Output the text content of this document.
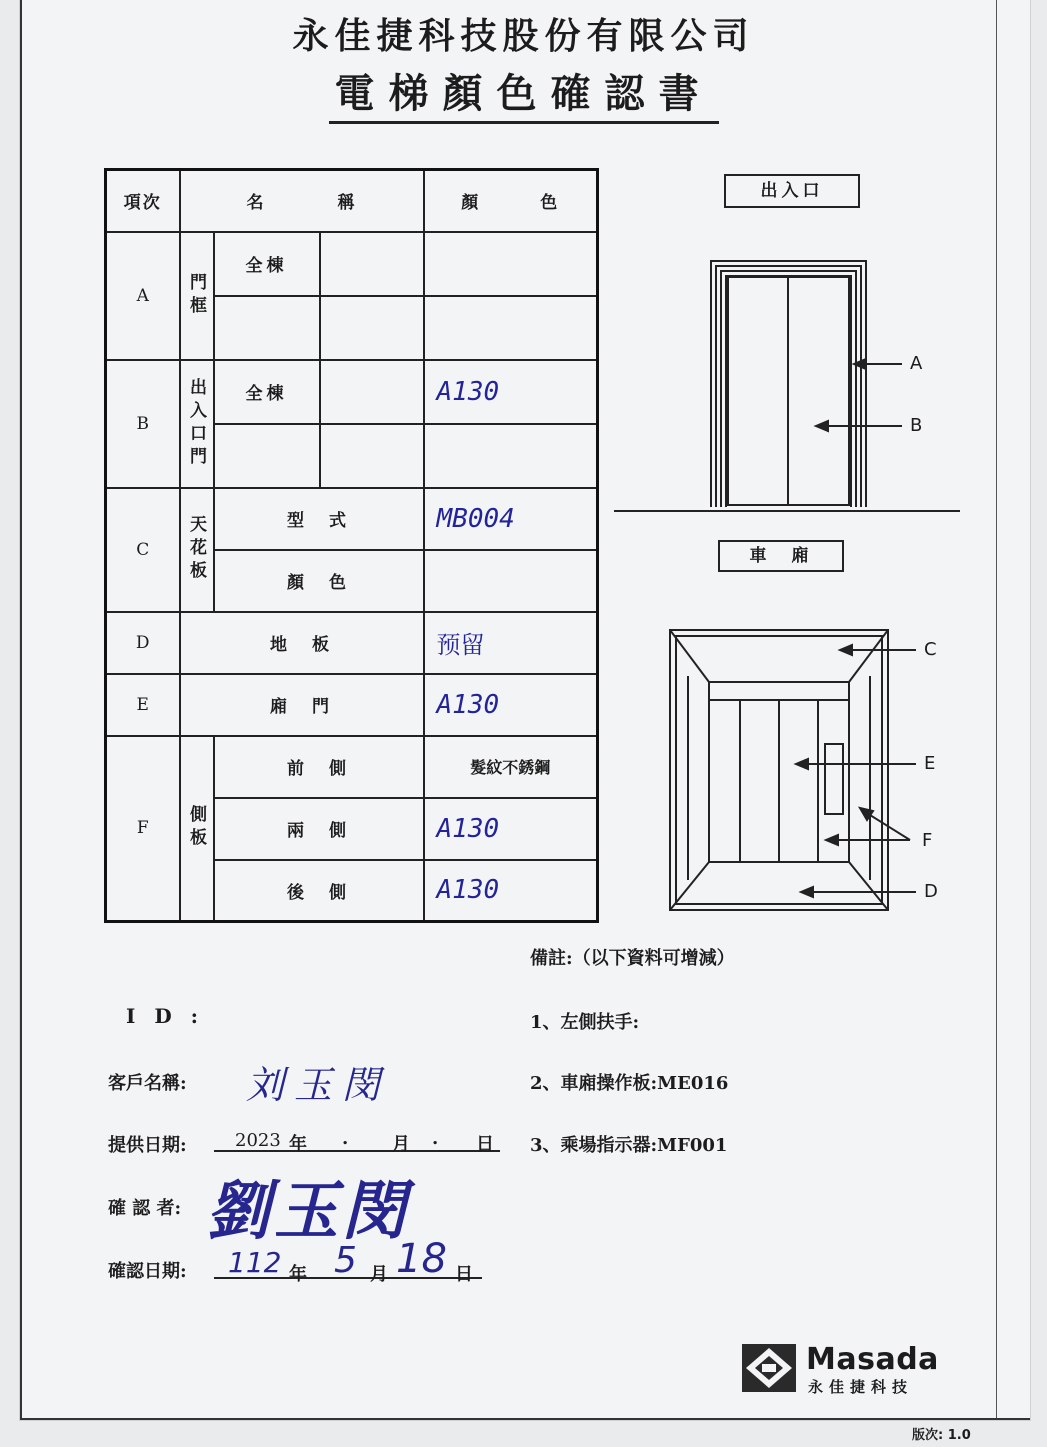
永佳捷科技股份有限公司
電梯顏色確認書
項次	名 稱			顏 色
A	門框	全棟		

B	出入口門	全棟		A130

C	天花板	型　式		MB004
		顏　色		
D	地　板			预留
E	廂　門			A130
F	側板	前　側		髮紋不銹鋼
		兩　側		A130
		後　側		A130
出入口
A
B
車　廂
C
E
F
D
備註:（以下資料可增減）
1、左側扶手:
2、車廂操作板:ME016
3、乘場指示器:MF001
I D :
客戶名稱: 刘玉閔
提供日期:	2023 年 . 月 . 日
確 認 者: 劉玉閔
確認日期: 112 年 5 月 18 日
Masada
永佳捷科技
版次: 1.0
